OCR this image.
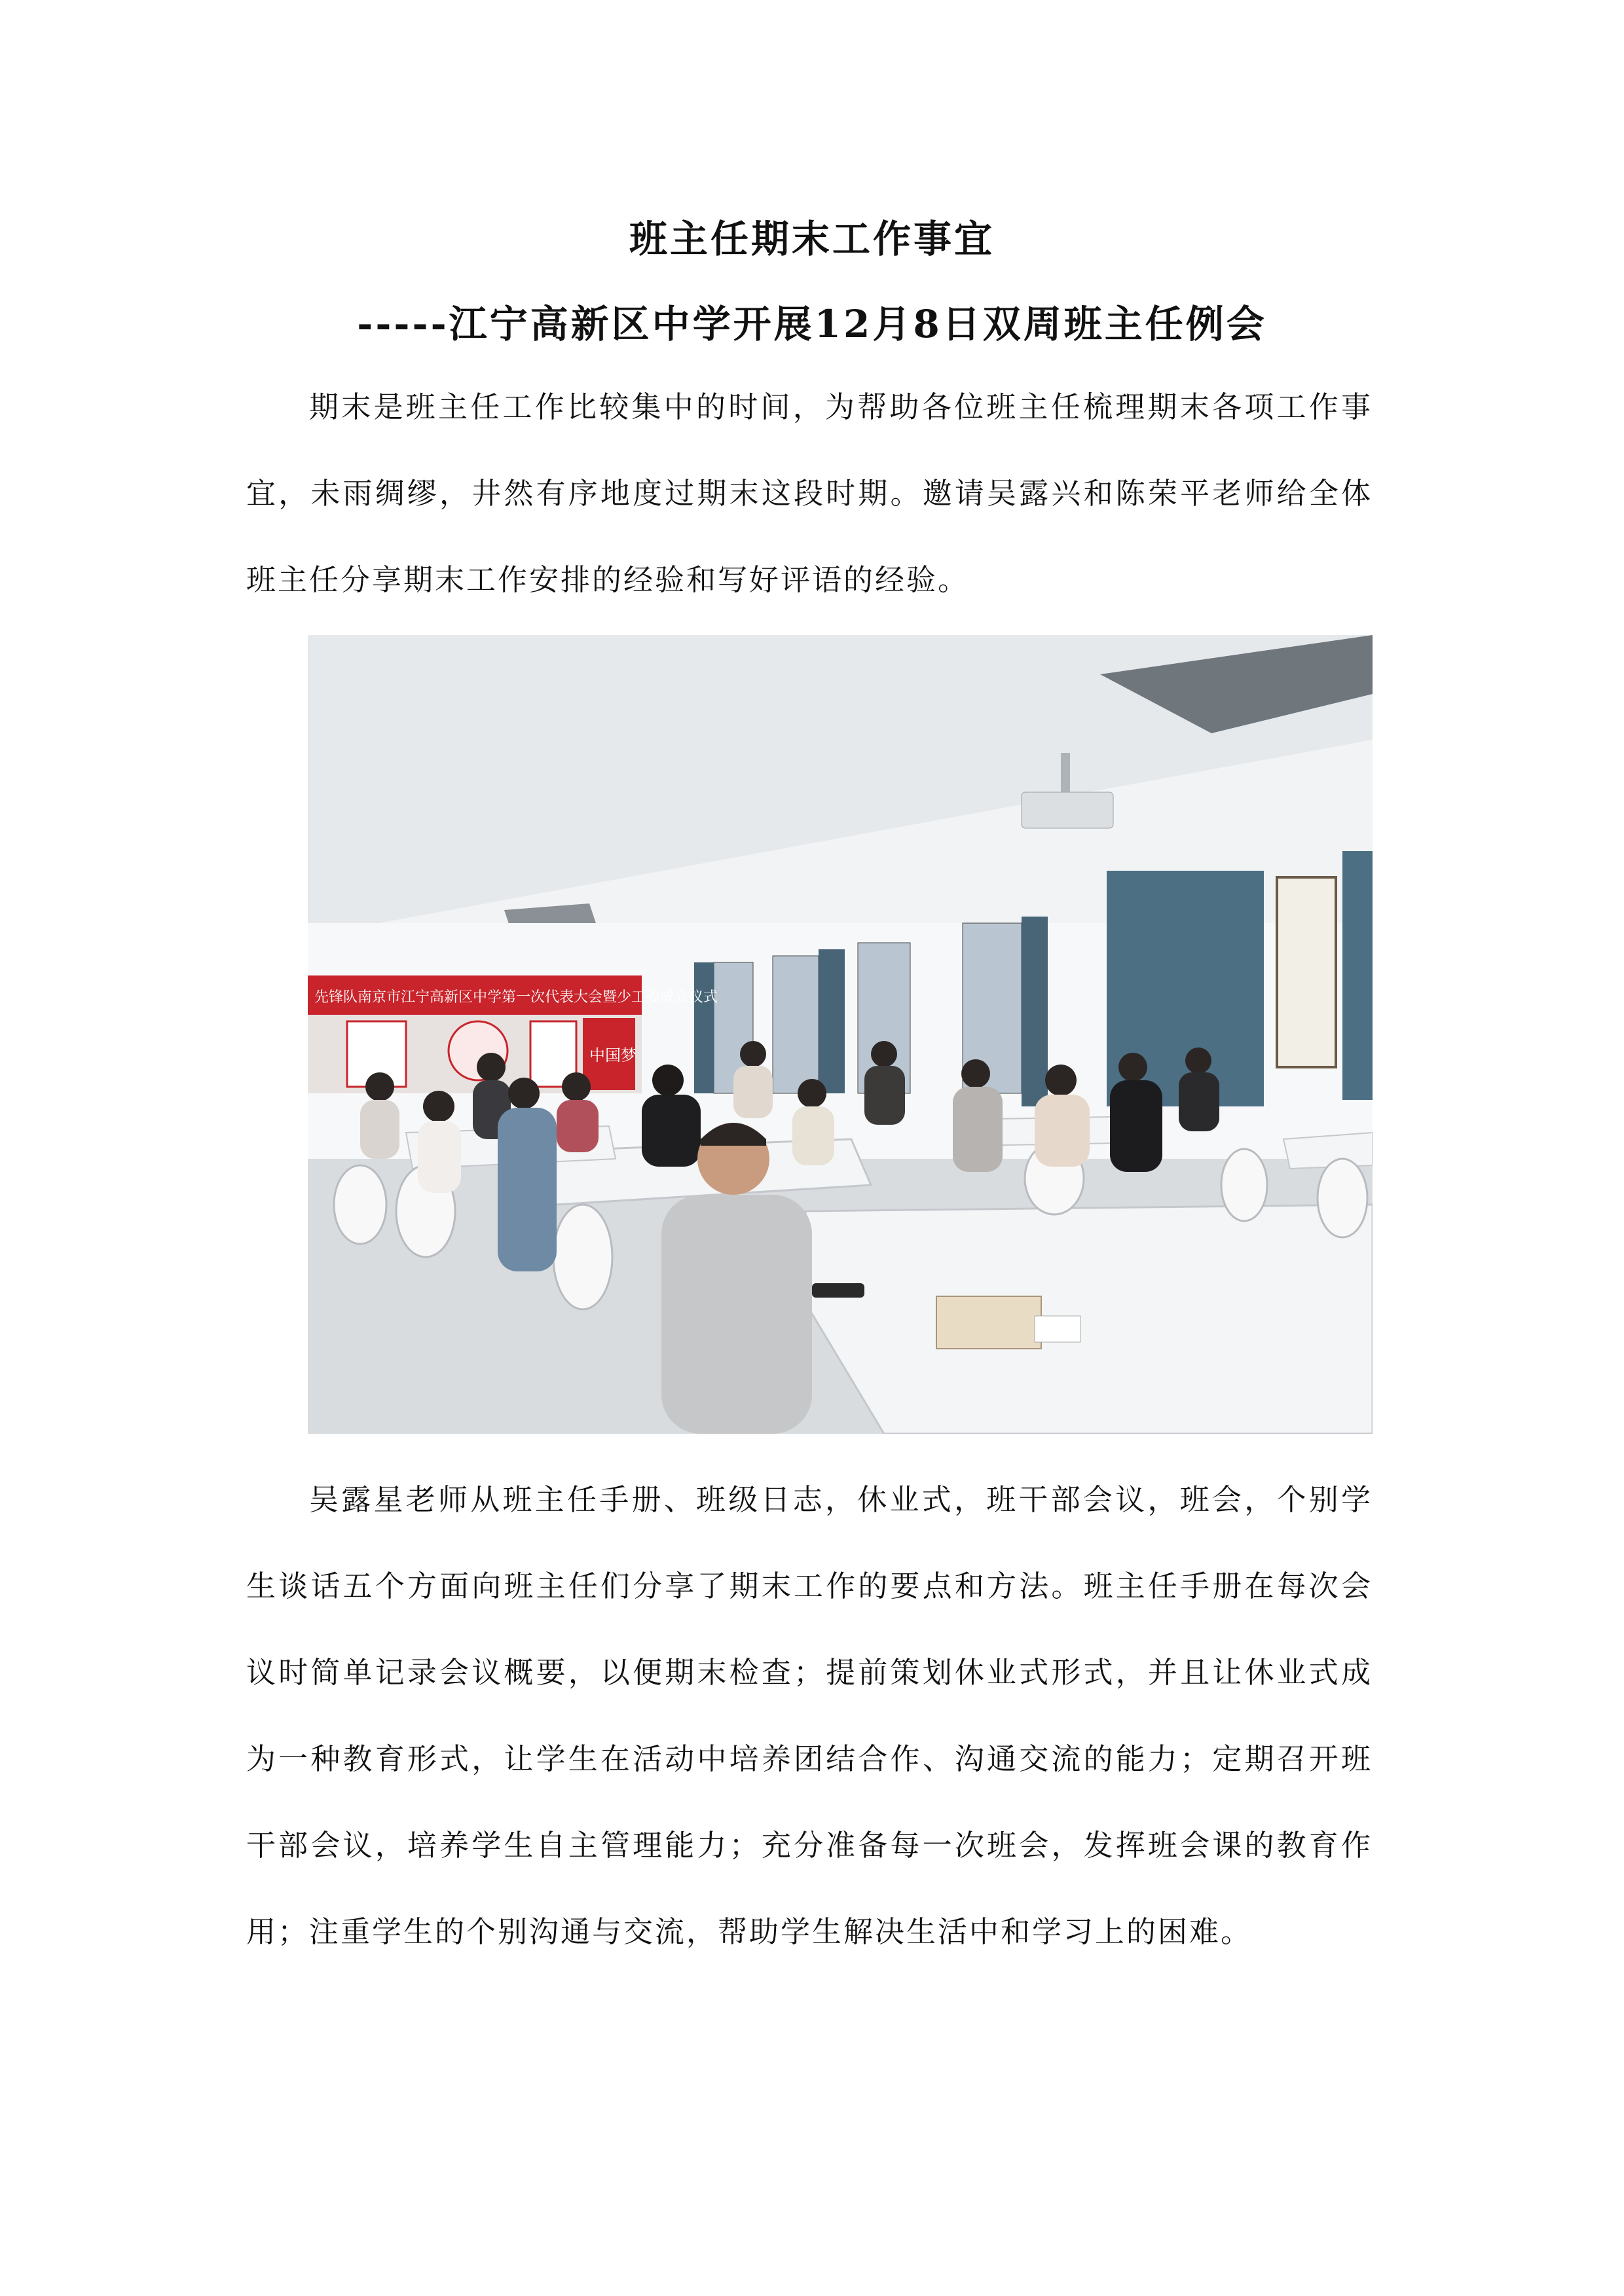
班主任期末工作事宜
-----江宁高新区中学开展12月8日双周班主任例会

期末是班主任工作比较集中的时间，为帮助各位班主任梳理期末各项工作事宜，未雨绸缪，井然有序地度过期末这段时期。邀请吴露兴和陈荣平老师给全体班主任分享期末工作安排的经验和写好评语的经验。

先锋队南京市江宁高新区中学第一次代表大会暨少工委成立仪式
中国梦

吴露星老师从班主任手册、班级日志，休业式，班干部会议，班会，个别学生谈话五个方面向班主任们分享了期末工作的要点和方法。班主任手册在每次会议时简单记录会议概要，以便期末检查；提前策划休业式形式，并且让休业式成为一种教育形式，让学生在活动中培养团结合作、沟通交流的能力；定期召开班干部会议，培养学生自主管理能力；充分准备每一次班会，发挥班会课的教育作用；注重学生的个别沟通与交流，帮助学生解决生活中和学习上的困难。
